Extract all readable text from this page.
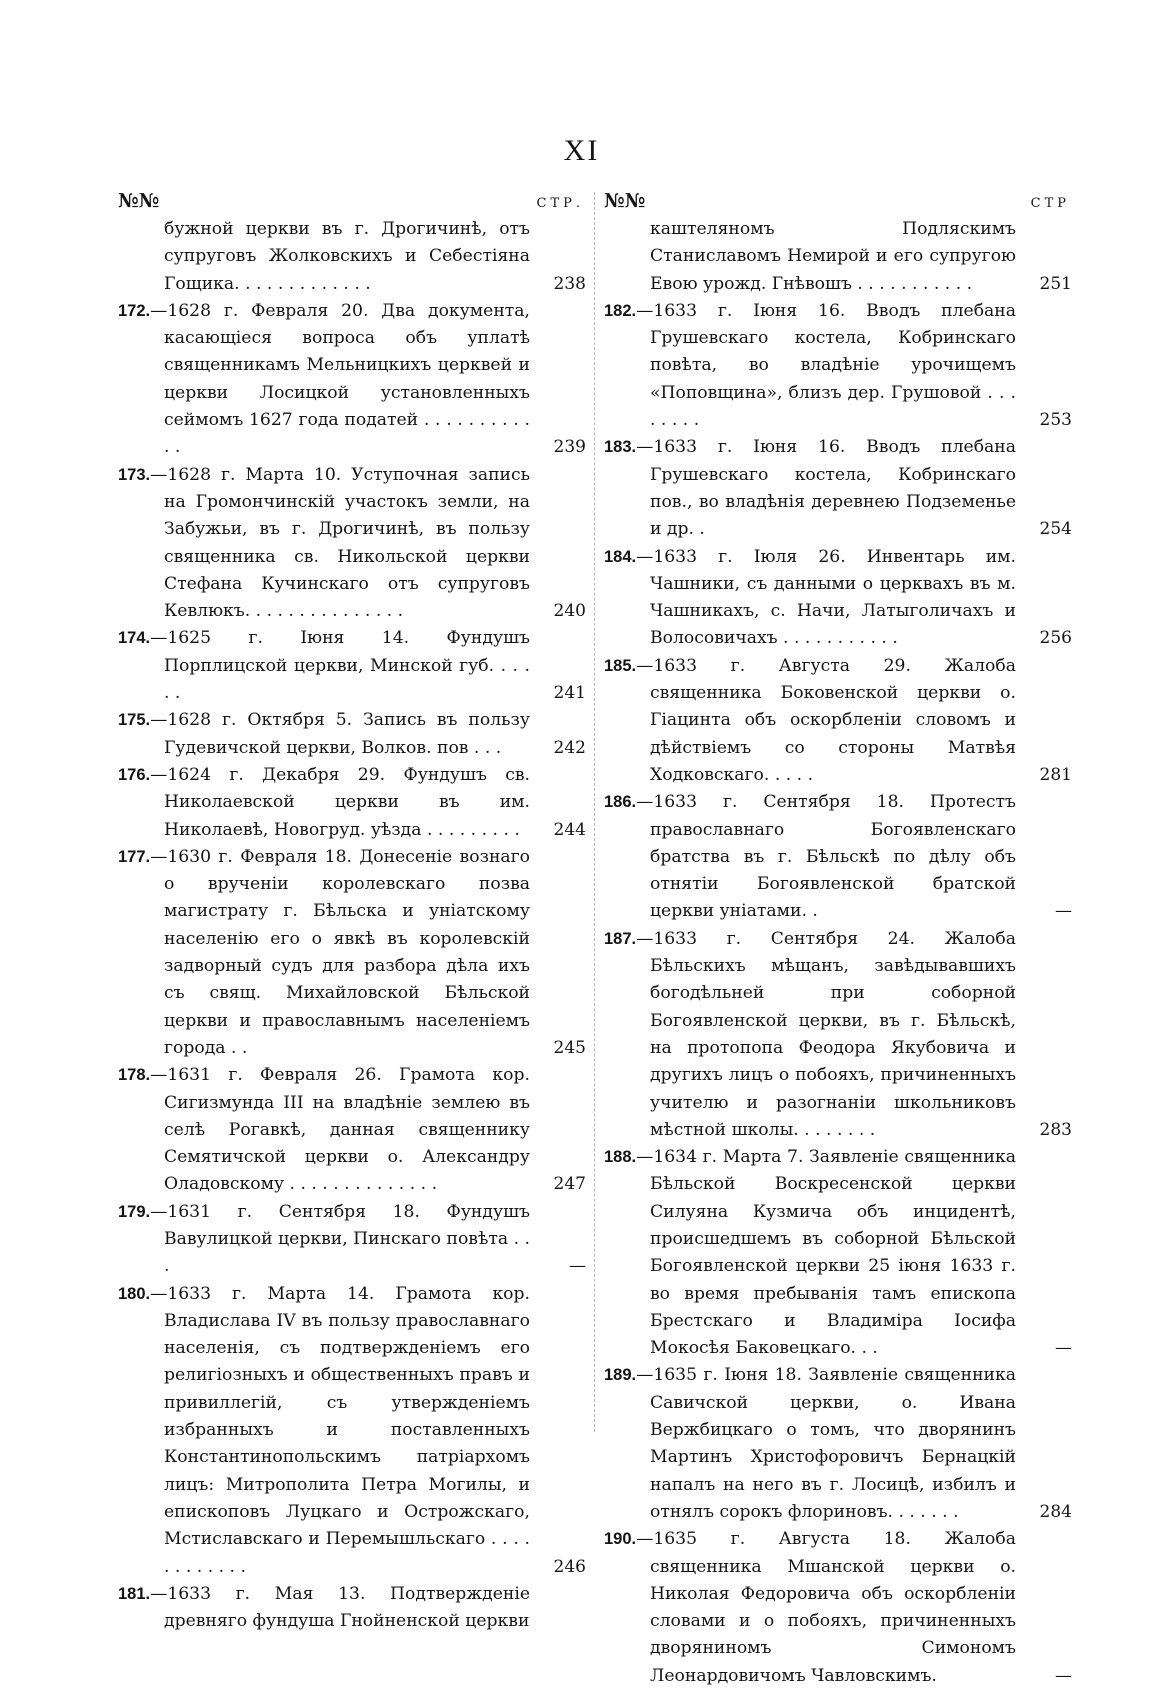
XI
№№	СТР.
бужной церкви въ г. Дрогичинѣ, отъ супруговъ Жолковскихъ и Себестіяна Гощика. . . . . . . . . . . . .	238
172.—1628 г. Февраля 20. Два документа, касающіеся вопроса объ уплатѣ священникамъ Мельницкихъ церквей и церкви Лосицкой установленныхъ сеймомъ 1627 года податей . . . . . . . . . . . .	239
173.—1628 г. Марта 10. Уступочная запись на Громончинскій участокъ земли, на Забужьи, въ г. Дрогичинѣ, въ пользу священника св. Никольской церкви Стефана Кучинскаго отъ супруговъ Кевлюкъ. . . . . . . . . . . . . . .	240
174.—1625 г. Іюня 14. Фундушъ Порплицской церкви, Минской губ. . . . . .	241
175.—1628 г. Октября 5. Запись въ пользу Гудевичской церкви, Волков. пов . . .	242
176.—1624 г. Декабря 29. Фундушъ св. Николаевской церкви въ им. Николаевѣ, Новогруд. уѣзда . . . . . . . . .	244
177.—1630 г. Февраля 18. Донесеніе вознаго о врученіи королевскаго позва магистрату г. Бѣльска и уніатскому населенію его о явкѣ въ королевскій задворный судъ для разбора дѣла ихъ съ свящ. Михайловской Бѣльской церкви и православнымъ населеніемъ города . .	245
178.—1631 г. Февраля 26. Грамота кор. Сигизмунда III на владѣніе землею въ селѣ Рогавкѣ, данная священнику Семятичской церкви о. Александру Оладовскому . . . . . . . . . . . . . .	247
179.—1631 г. Сентября 18. Фундушъ Вавулицкой церкви, Пинскаго повѣта . . .	—
180.—1633 г. Марта 14. Грамота кор. Владислава IV въ пользу православнаго населенія, съ подтвержденіемъ его религіозныхъ и общественныхъ правъ и привиллегій, съ утвержденіемъ избранныхъ и поставленныхъ Константинопольскимъ патріархомъ лицъ: Митрополита Петра Могилы, и епископовъ Луцкаго и Острожскаго, Мстиславскаго и Перемышльскаго . . . . . . . . . . . .	246
181.—1633 г. Мая 13. Подтвержденіе древняго фундуша Гнойненской церкви
№№	СТР
каштеляномъ Подляскимъ Станиславомъ Немирой и его супругою Евою урожд. Гнѣвошъ . . . . . . . . . . .	251
182.—1633 г. Іюня 16. Вводъ плебана Грушевскаго костела, Кобринскаго повѣта, во владѣніе урочищемъ «Поповщина», близъ дер. Грушовой . . . . . . . .	253
183.—1633 г. Іюня 16. Вводъ плебана Грушевскаго костела, Кобринскаго пов., во владѣнія деревнею Подземенье и др. .	254
184.—1633 г. Іюля 26. Инвентарь им. Чашники, съ данными о церквахъ въ м. Чашникахъ, с. Начи, Латыголичахъ и Волосовичахъ . . . . . . . . . . .	256
185.—1633 г. Августа 29. Жалоба священника Боковенской церкви о. Гіацинта объ оскорбленіи словомъ и дѣйствіемъ со стороны Матвѣя Ходковскаго. . . . .	281
186.—1633 г. Сентября 18. Протестъ православнаго Богоявленскаго братства въ г. Бѣльскѣ по дѣлу объ отнятіи Богоявленской братской церкви уніатами. .	—
187.—1633 г. Сентября 24. Жалоба Бѣльскихъ мѣщанъ, завѣдывавшихъ богодѣльней при соборной Богоявленской церкви, въ г. Бѣльскѣ, на протопопа Феодора Якубовича и другихъ лицъ о побояхъ, причиненныхъ учителю и разогнаніи школьниковъ мѣстной школы. . . . . . . .	283
188.—1634 г. Марта 7. Заявленіе священника Бѣльской Воскресенской церкви Силуяна Кузмича объ инцидентѣ, происшедшемъ въ соборной Бѣльской Богоявленской церкви 25 іюня 1633 г. во время пребыванія тамъ епископа Брестскаго и Владиміра Іосифа Мокосѣя Баковецкаго. . .	—
189.—1635 г. Іюня 18. Заявленіе священника Савичской церкви, о. Ивана Вержбицкаго о томъ, что дворянинъ Мартинъ Христофоровичъ Бернацкій напалъ на него въ г. Лосицѣ, избилъ и отнялъ сорокъ флориновъ. . . . . . .	284
190.—1635 г. Августа 18. Жалоба священника Мшанской церкви о. Николая Федоровича объ оскорбленіи словами и о побояхъ, причиненныхъ дворяниномъ Симономъ Леонардовичомъ Чавловскимъ.	—
